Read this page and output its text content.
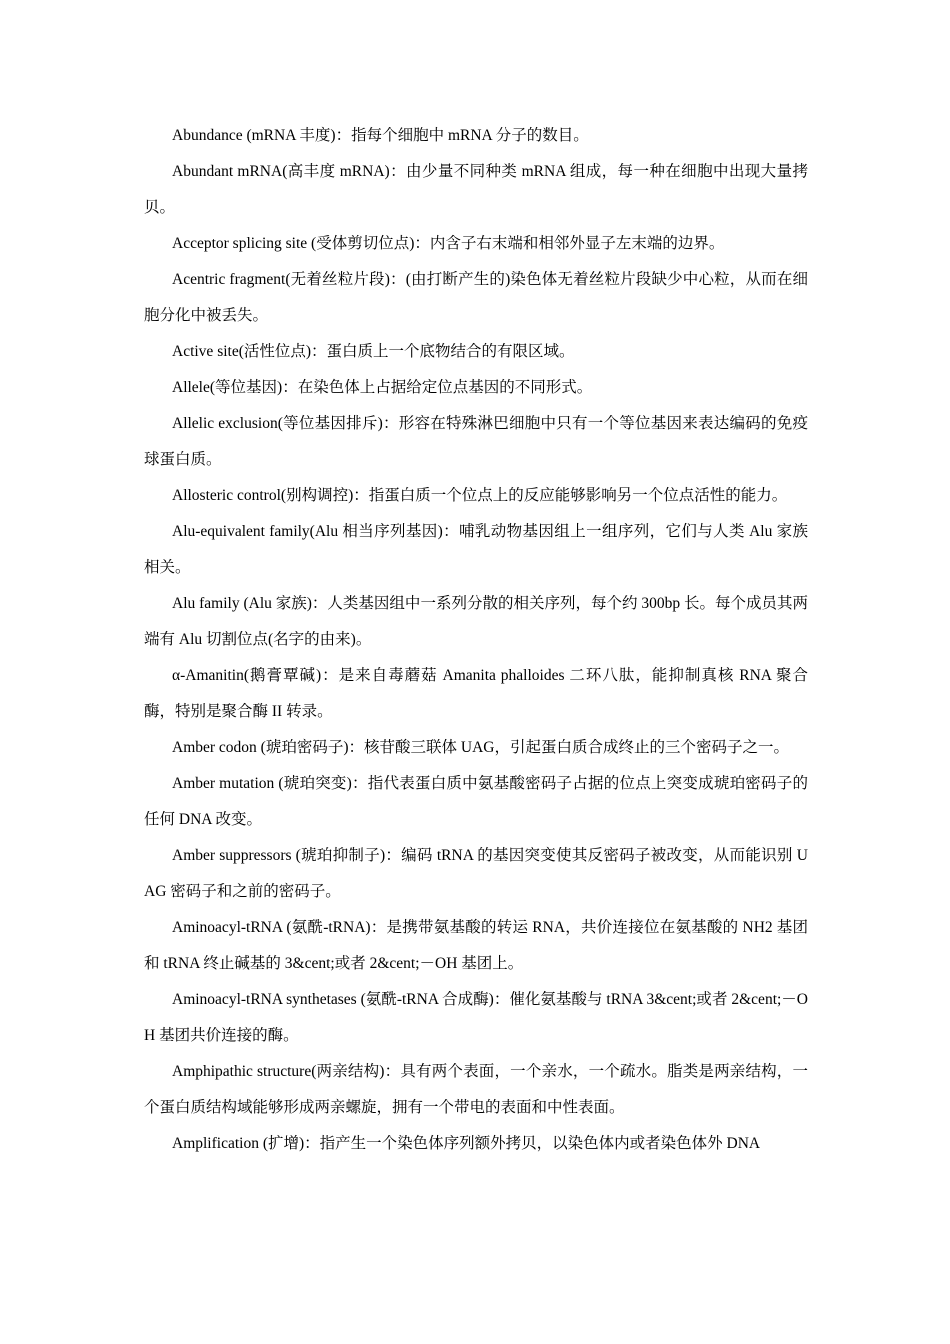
Abundance (mRNA 丰度)：指每个细胞中 mRNA 分子的数目。

Abundant mRNA(高丰度 mRNA)：由少量不同种类 mRNA 组成，每一种在细胞中出现大量拷贝。

Acceptor splicing site (受体剪切位点)：内含子右末端和相邻外显子左末端的边界。

Acentric fragment(无着丝粒片段)：(由打断产生的)染色体无着丝粒片段缺少中心粒，从而在细胞分化中被丢失。

Active site(活性位点)：蛋白质上一个底物结合的有限区域。

Allele(等位基因)：在染色体上占据给定位点基因的不同形式。

Allelic exclusion(等位基因排斥)：形容在特殊淋巴细胞中只有一个等位基因来表达编码的免疫球蛋白质。

Allosteric control(别构调控)：指蛋白质一个位点上的反应能够影响另一个位点活性的能力。

Alu-equivalent family(Alu 相当序列基因)：哺乳动物基因组上一组序列，它们与人类 Alu 家族相关。

Alu family (Alu 家族)：人类基因组中一系列分散的相关序列，每个约 300bp 长。每个成员其两端有 Alu 切割位点(名字的由来)。

α-Amanitin(鹅膏覃碱)：是来自毒蘑菇 Amanita phalloides 二环八肽，能抑制真核 RNA 聚合酶，特别是聚合酶 II 转录。

Amber codon (琥珀密码子)：核苷酸三联体 UAG，引起蛋白质合成终止的三个密码子之一。

Amber mutation (琥珀突变)：指代表蛋白质中氨基酸密码子占据的位点上突变成琥珀密码子的任何 DNA 改变。

Amber suppressors (琥珀抑制子)：编码 tRNA 的基因突变使其反密码子被改变，从而能识别 UAG 密码子和之前的密码子。

Aminoacyl-tRNA (氨酰-tRNA)：是携带氨基酸的转运 RNA，共价连接位在氨基酸的 NH2 基团和 tRNA 终止碱基的 3&cent;或者 2&cent;－OH 基团上。

Aminoacyl-tRNA synthetases (氨酰-tRNA 合成酶)：催化氨基酸与 tRNA 3&cent;或者 2&cent;－OH 基团共价连接的酶。

Amphipathic structure(两亲结构)：具有两个表面，一个亲水，一个疏水。脂类是两亲结构，一个蛋白质结构域能够形成两亲螺旋，拥有一个带电的表面和中性表面。

Amplification (扩增)：指产生一个染色体序列额外拷贝，以染色体内或者染色体外 DNA
